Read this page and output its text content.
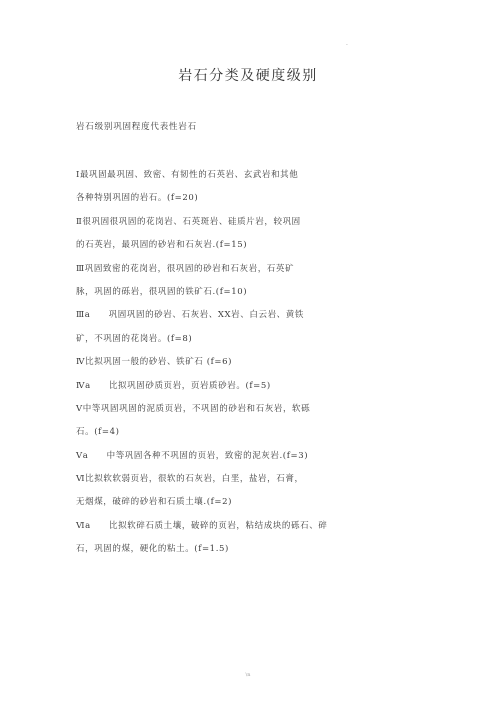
.
岩石分类及硬度级别
岩石级别巩固程度代表性岩石
Ⅰ最巩固最巩固、致密、有韧性的石英岩、玄武岩和其他
各种特别巩固的岩石。(f=20)
Ⅱ很巩固很巩固的花岗岩、石英斑岩、硅质片岩，较巩固
的石英岩，最巩固的砂岩和石灰岩.(f=15)
Ⅲ巩固致密的花岗岩，很巩固的砂岩和石灰岩，石英矿
脉，巩固的砾岩，很巩固的铁矿石.(f=10)
Ⅲa　　巩固巩固的砂岩、石灰岩、XX岩、白云岩、黄铁
矿，不巩固的花岗岩。(f=8)
Ⅳ比拟巩固一般的砂岩、铁矿石 (f=6)
Ⅳa　　比拟巩固砂质页岩，页岩质砂岩。(f=5)
Ⅴ中等巩固巩固的泥质页岩，不巩固的砂岩和石灰岩，软砾
石。(f=4)
Ⅴa　　中等巩固各种不巩固的页岩，致密的泥灰岩.(f=3)
Ⅵ比拟软软弱页岩，很软的石灰岩，白垩，盐岩，石膏，
无烟煤，破碎的砂岩和石质土壤.(f=2)
Ⅵa　　比拟软碎石质土壤，破碎的页岩，粘结成块的砾石、碎
石，巩固的煤，硬化的粘土。(f=1.5)
\n
